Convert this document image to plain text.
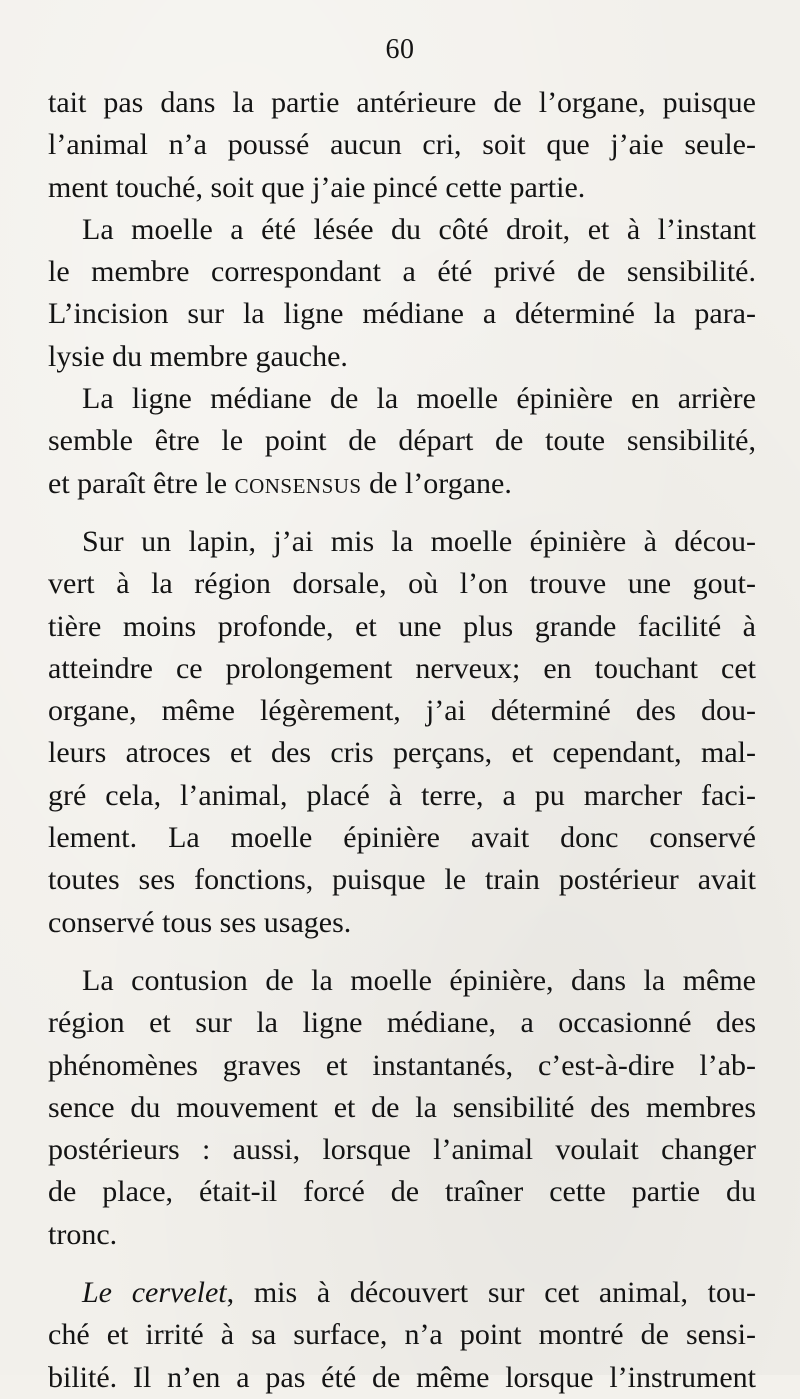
60
tait pas dans la partie antérieure de l’organe, puisque
l’animal n’a poussé aucun cri, soit que j’aie seule-
ment touché, soit que j’aie pincé cette partie.
La moelle a été lésée du côté droit, et à l’instant
le membre correspondant a été privé de sensibilité.
L’incision sur la ligne médiane a déterminé la para-
lysie du membre gauche.
La ligne médiane de la moelle épinière en arrière
semble être le point de départ de toute sensibilité,
et paraît être le consensus de l’organe.
Sur un lapin, j’ai mis la moelle épinière à décou-
vert à la région dorsale, où l’on trouve une gout-
tière moins profonde, et une plus grande facilité à
atteindre ce prolongement nerveux; en touchant cet
organe, même légèrement, j’ai déterminé des dou-
leurs atroces et des cris perçans, et cependant, mal-
gré cela, l’animal, placé à terre, a pu marcher faci-
lement. La moelle épinière avait donc conservé
toutes ses fonctions, puisque le train postérieur avait
conservé tous ses usages.
La contusion de la moelle épinière, dans la même
région et sur la ligne médiane, a occasionné des
phénomènes graves et instantanés, c’est-à-dire l’ab-
sence du mouvement et de la sensibilité des membres
postérieurs : aussi, lorsque l’animal voulait changer
de place, était-il forcé de traîner cette partie du
tronc.
Le cervelet, mis à découvert sur cet animal, tou-
ché et irrité à sa surface, n’a point montré de sensi-
bilité. Il n’en a pas été de même lorsque l’instrument
